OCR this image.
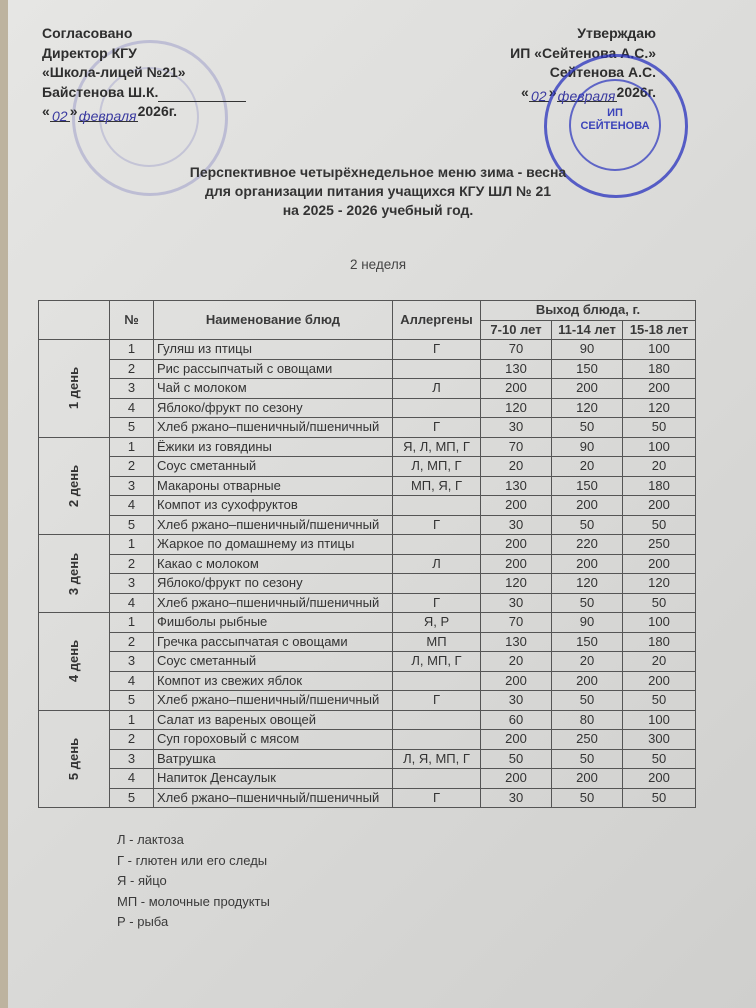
Согласовано
Директор КГУ
«Школа-лицей №21»
Байстенова Ш.К.
« 02 »февраля2026г.
Утверждаю
ИП «Сейтенова А.С.»
Сейтенова А.С.
« 02 »февраля2026г.
ИП
СЕЙТЕНОВА
Перспективное четырёхнедельное меню зима - весна
для организации питания учащихся КГУ ШЛ № 21
на 2025 - 2026 учебный год.
2 неделя
	№	Наименование блюд	Аллергены	Выход блюда, г.		
				7-10 лет	11-14 лет	15-18 лет
1 день	1	Гуляш из птицы	Г	70	90	100
	2	Рис рассыпчатый с овощами		130	150	180
	3	Чай с молоком	Л	200	200	200
	4	Яблоко/фрукт по сезону		120	120	120
	5	Хлеб ржано–пшеничный/пшеничный	Г	30	50	50
2 день	1	Ёжики из говядины	Я, Л, МП, Г	70	90	100
	2	Соус сметанный	Л, МП, Г	20	20	20
	3	Макароны отварные	МП, Я, Г	130	150	180
	4	Компот из сухофруктов		200	200	200
	5	Хлеб ржано–пшеничный/пшеничный	Г	30	50	50
3 день	1	Жаркое по домашнему из птицы		200	220	250
	2	Какао с молоком	Л	200	200	200
	3	Яблоко/фрукт по сезону		120	120	120
	4	Хлеб ржано–пшеничный/пшеничный	Г	30	50	50
4 день	1	Фишболы рыбные	Я, Р	70	90	100
	2	Гречка рассыпчатая с овощами	МП	130	150	180
	3	Соус сметанный	Л, МП, Г	20	20	20
	4	Компот из свежих яблок		200	200	200
	5	Хлеб ржано–пшеничный/пшеничный	Г	30	50	50
5 день	1	Салат из вареных овощей		60	80	100
	2	Суп гороховый с мясом		200	250	300
	3	Ватрушка	Л, Я, МП, Г	50	50	50
	4	Напиток Денсаулык		200	200	200
	5	Хлеб ржано–пшеничный/пшеничный	Г	30	50	50
Л - лактоза
Г - глютен или его следы
Я - яйцо
МП - молочные продукты
Р - рыба
